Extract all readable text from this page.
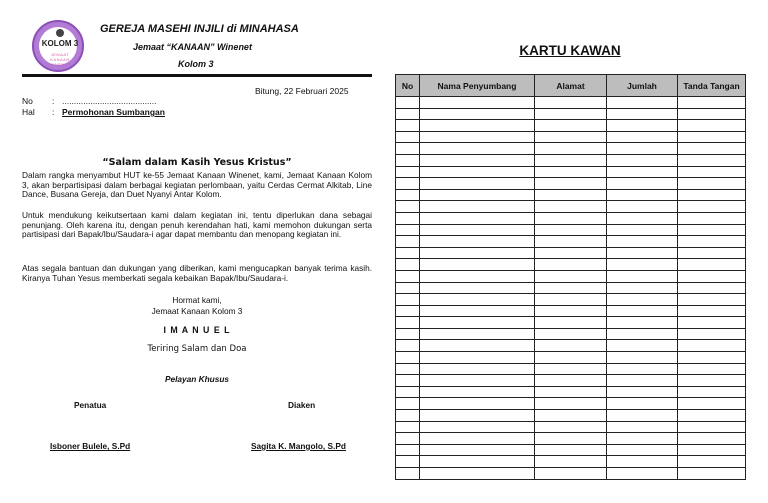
KOLOM 3
JEMAAT KANAAN WINENET
GEREJA MASEHI INJILI di MINAHASA
Jemaat “KANAAN” Winenet
Kolom 3
Bitung, 22 Februari 2025
No : ........................................
Hal : Permohonan Sumbangan
“Salam dalam Kasih Yesus Kristus”
Dalam rangka menyambut HUT ke-55 Jemaat Kanaan Winenet, kami, Jemaat Kanaan Kolom 3, akan berpartisipasi dalam berbagai kegiatan perlombaan, yaitu Cerdas Cermat Alkitab, Line Dance, Busana Gereja, dan Duet Nyanyi Antar Kolom.
Untuk mendukung keikutsertaan kami dalam kegiatan ini, tentu diperlukan dana sebagai penunjang. Oleh karena itu, dengan penuh kerendahan hati, kami memohon dukungan serta partisipasi dari Bapak/Ibu/Saudara-i agar dapat membantu dan menopang kegiatan ini.
Atas segala bantuan dan dukungan yang diberikan, kami mengucapkan banyak terima kasih. Kiranya Tuhan Yesus memberkati segala kebaikan Bapak/Ibu/Saudara-i.
Hormat kami,
Jemaat Kanaan Kolom 3
I M A N U E L
Teriring Salam dan Doa
Pelayan Khusus
Penatua	Diaken
Isboner Bulele, S.Pd	Sagita K. Mangolo, S.Pd
KARTU KAWAN
No	Nama Penyumbang	Alamat	Jumlah	Tanda Tangan
